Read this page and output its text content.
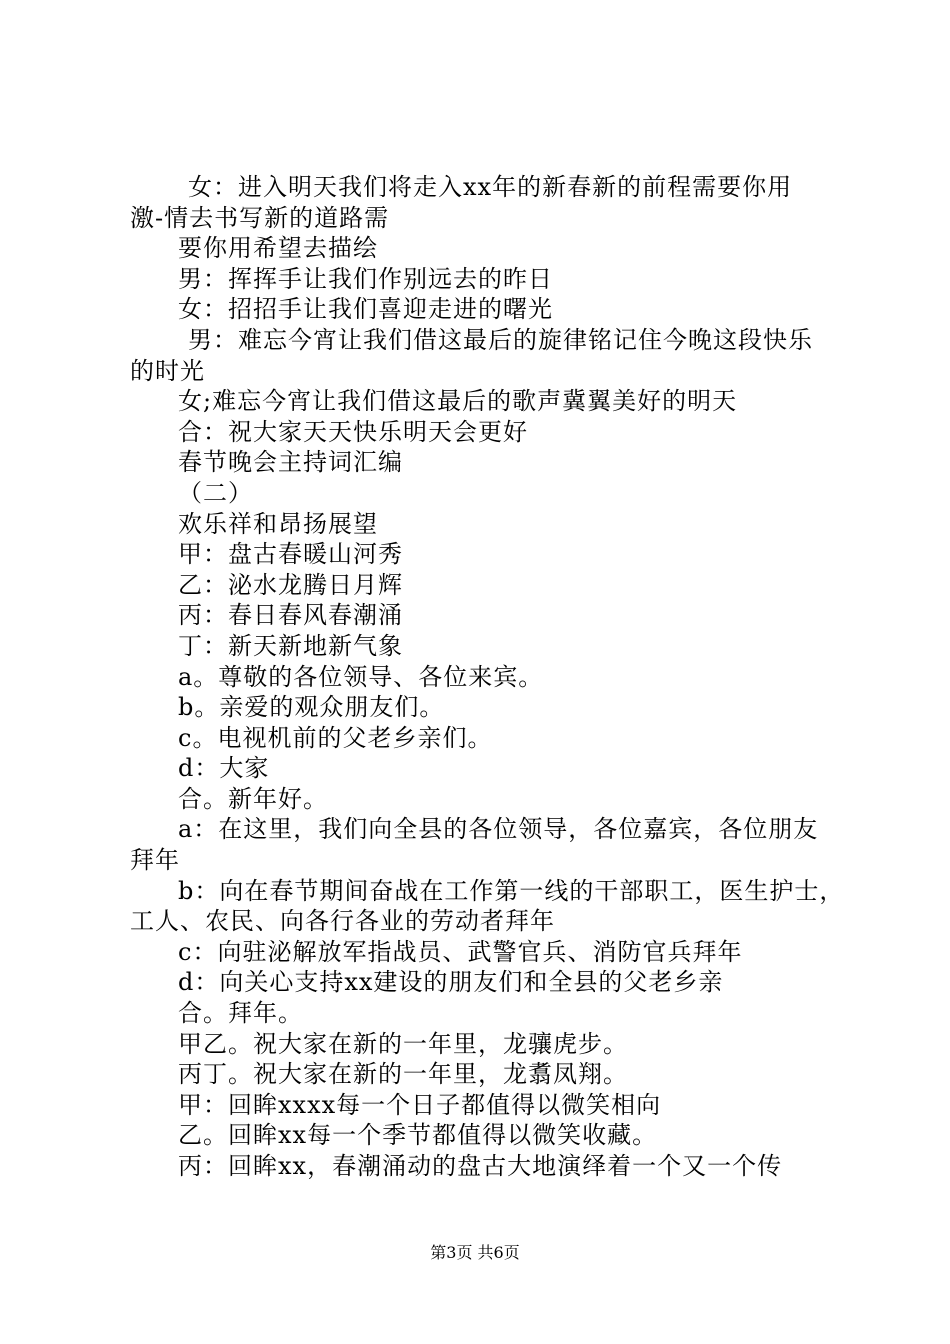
女：进入明天我们将走入xx年的新春新的前程需要你用
激-情去书写新的道路需
要你用希望去描绘
男：挥挥手让我们作别远去的昨日
女：招招手让我们喜迎走进的曙光
男：难忘今宵让我们借这最后的旋律铭记住今晚这段快乐
的时光
女;难忘今宵让我们借这最后的歌声冀翼美好的明天
合：祝大家天天快乐明天会更好
春节晚会主持词汇编
（二）
欢乐祥和昂扬展望
甲：盘古春暖山河秀
乙：泌水龙腾日月辉
丙：春日春风春潮涌
丁：新天新地新气象
a。尊敬的各位领导、各位来宾。
b。亲爱的观众朋友们。
c。电视机前的父老乡亲们。
d：大家
合。新年好。
a：在这里，我们向全县的各位领导，各位嘉宾，各位朋友
拜年
b：向在春节期间奋战在工作第一线的干部职工，医生护士，
工人、农民、向各行各业的劳动者拜年
c：向驻泌解放军指战员、武警官兵、消防官兵拜年
d：向关心支持xx建设的朋友们和全县的父老乡亲
合。拜年。
甲乙。祝大家在新的一年里，龙骧虎步。
丙丁。祝大家在新的一年里，龙翥凤翔。
甲：回眸xxxx每一个日子都值得以微笑相向
乙。回眸xx每一个季节都值得以微笑收藏。
丙：回眸xx，春潮涌动的盘古大地演绎着一个又一个传
第3页 共6页
